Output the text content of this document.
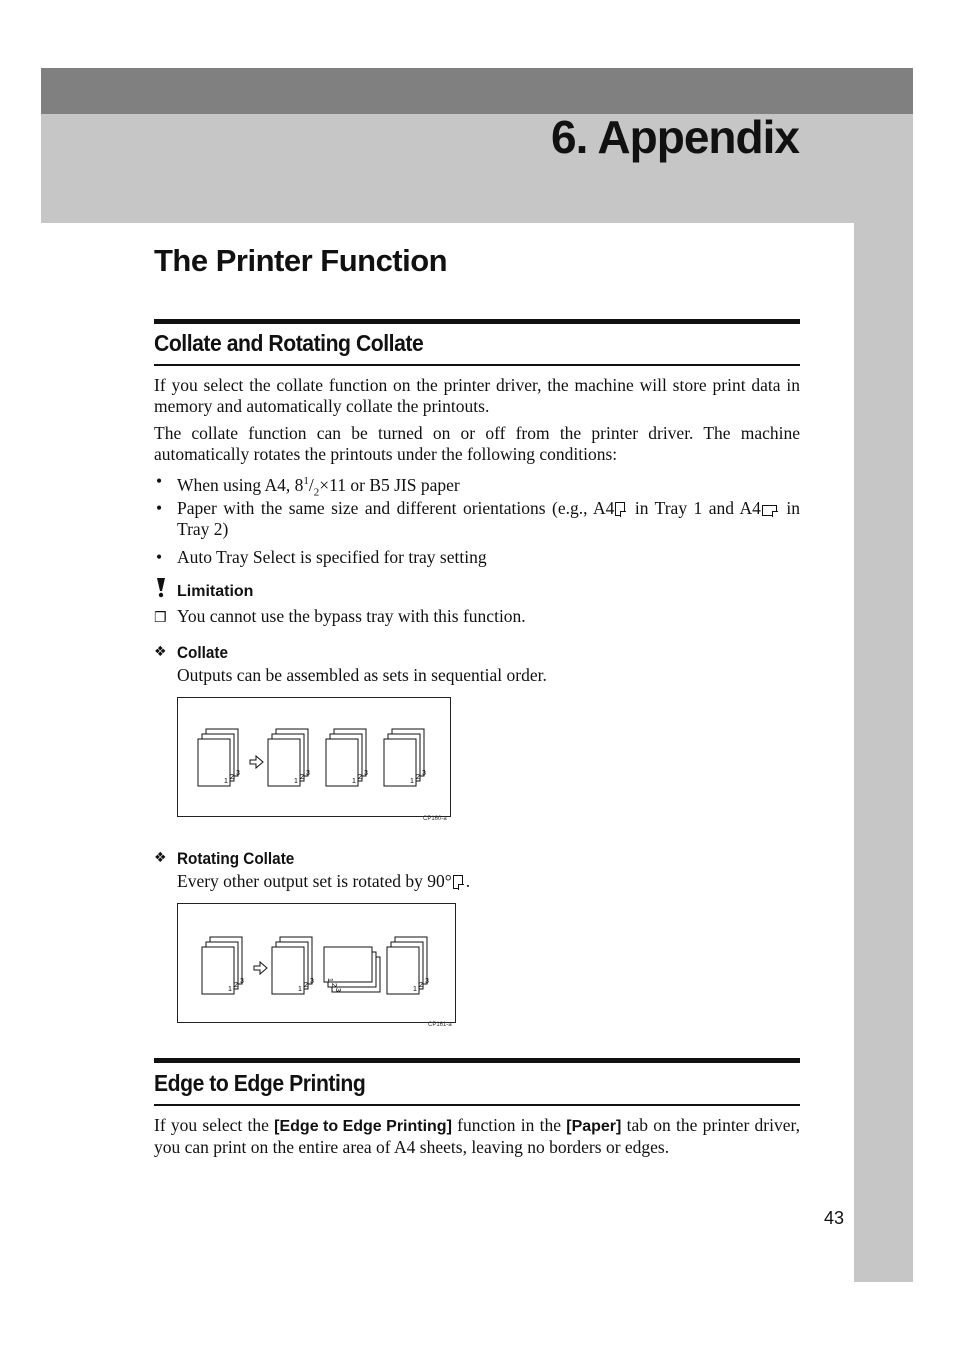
6. Appendix
The Printer Function
Collate and Rotating Collate

If you select the collate function on the printer driver, the machine will store print data in memory and automatically collate the printouts.

The collate function can be turned on or off from the printer driver. The machine automatically rotates the printouts under the following conditions:

• When using A4, $8^1/_2\times 11$ or B5 JIS paper
• Paper with the same size and different orientations (e.g., A4 in Tray 1 and A4 in Tray 2)
• Auto Tray Select is specified for tray setting
Limitation
❒ You cannot use the bypass tray with this function.
❖ Collate

Outputs can be assembled as sets in sequential order.

3
2
1
3
2
1
3
2
1
3
2
1
CP160-a
❖ Rotating Collate

Every other output set is rotated by 90° .

3
2
1
3
2
1
1
2
3
3
2
1
CP161-a
Edge to Edge Printing

If you select the [Edge to Edge Printing] function in the [Paper] tab on the printer driver, you can print on the entire area of A4 sheets, leaving no borders or edges.

43
